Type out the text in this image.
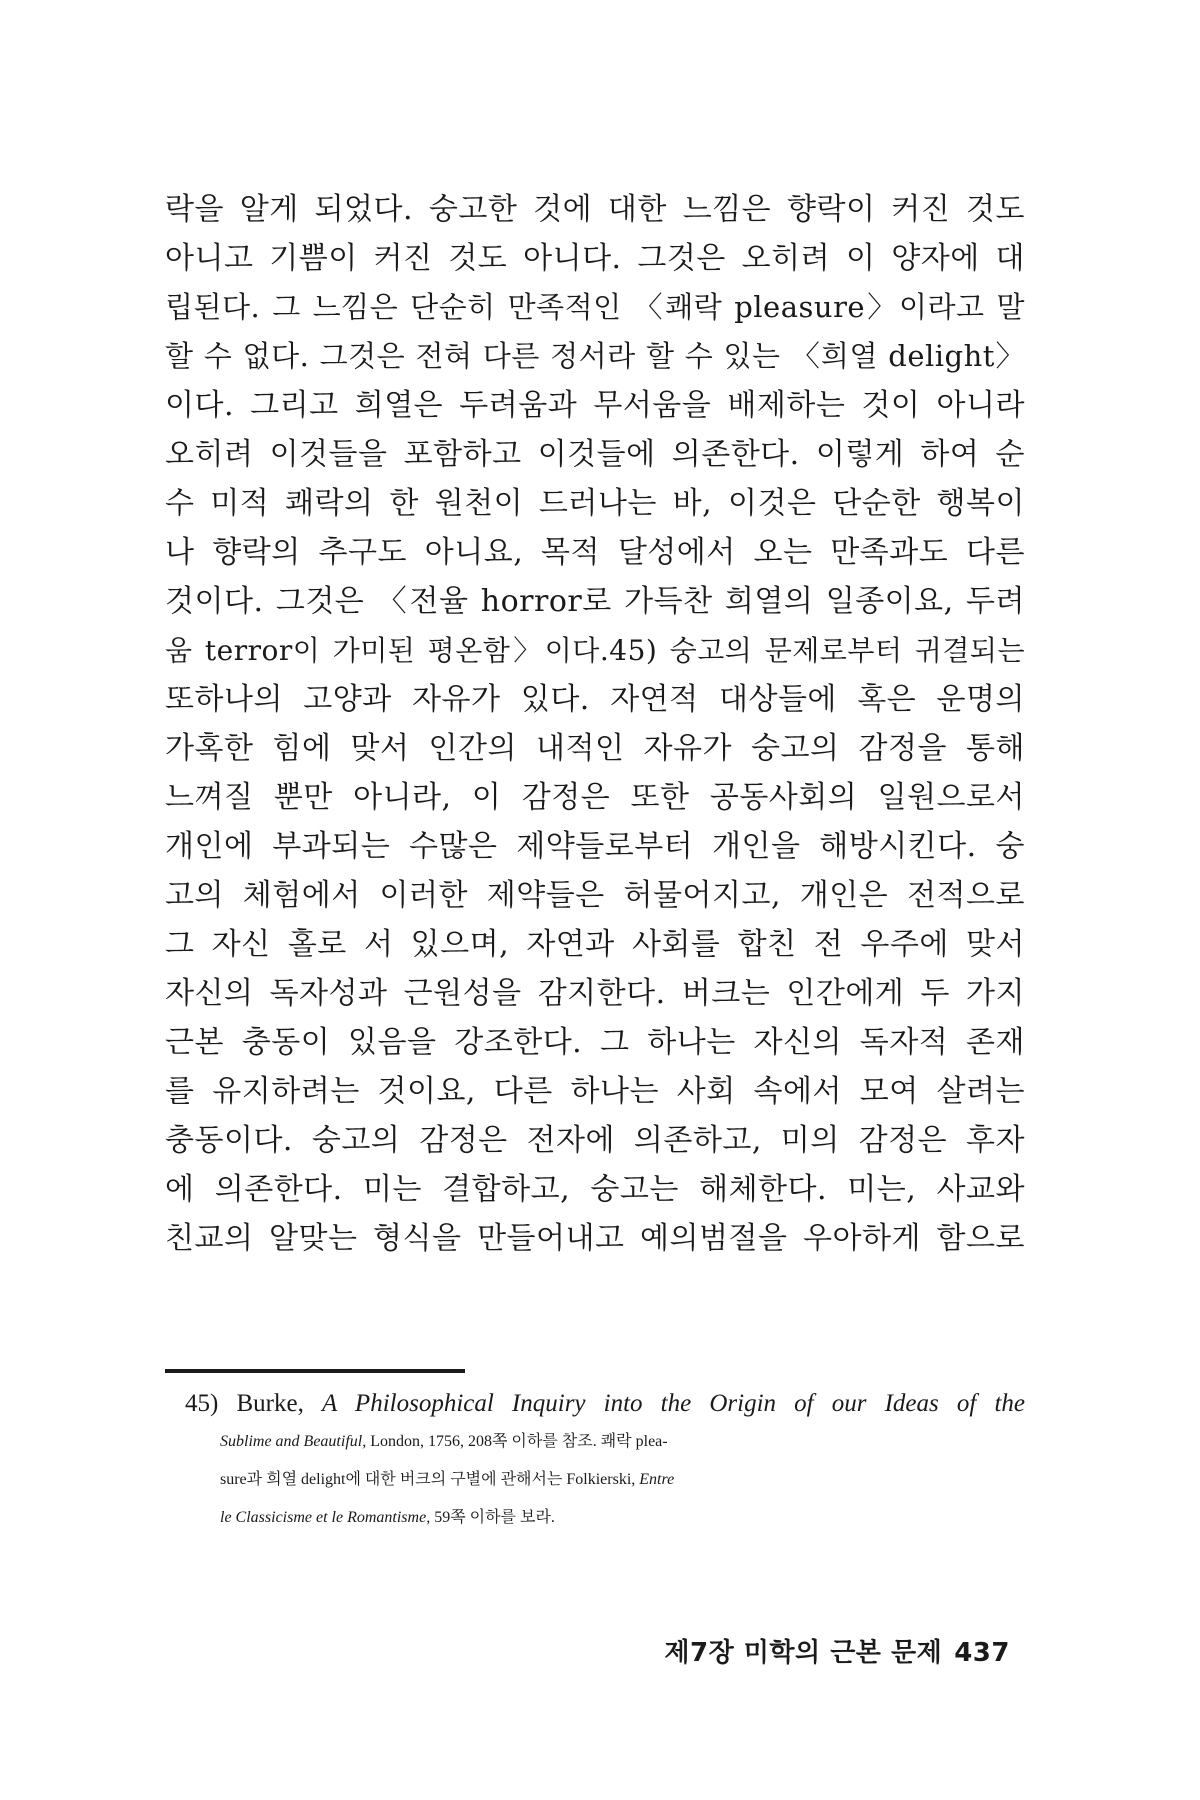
락을 알게 되었다. 숭고한 것에 대한 느낌은 향락이 커진 것도
아니고 기쁨이 커진 것도 아니다. 그것은 오히려 이 양자에 대
립된다. 그 느낌은 단순히 만족적인 〈쾌락 pleasure〉이라고 말
할 수 없다. 그것은 전혀 다른 정서라 할 수 있는 〈희열 delight〉
이다. 그리고 희열은 두려움과 무서움을 배제하는 것이 아니라
오히려 이것들을 포함하고 이것들에 의존한다. 이렇게 하여 순
수 미적 쾌락의 한 원천이 드러나는 바, 이것은 단순한 행복이
나 향락의 추구도 아니요, 목적 달성에서 오는 만족과도 다른
것이다. 그것은 〈전율 horror로 가득찬 희열의 일종이요, 두려
움 terror이 가미된 평온함〉이다.45) 숭고의 문제로부터 귀결되는
또하나의 고양과 자유가 있다. 자연적 대상들에 혹은 운명의
가혹한 힘에 맞서 인간의 내적인 자유가 숭고의 감정을 통해
느껴질 뿐만 아니라, 이 감정은 또한 공동사회의 일원으로서
개인에 부과되는 수많은 제약들로부터 개인을 해방시킨다. 숭
고의 체험에서 이러한 제약들은 허물어지고, 개인은 전적으로
그 자신 홀로 서 있으며, 자연과 사회를 합친 전 우주에 맞서
자신의 독자성과 근원성을 감지한다. 버크는 인간에게 두 가지
근본 충동이 있음을 강조한다. 그 하나는 자신의 독자적 존재
를 유지하려는 것이요, 다른 하나는 사회 속에서 모여 살려는
충동이다. 숭고의 감정은 전자에 의존하고, 미의 감정은 후자
에 의존한다. 미는 결합하고, 숭고는 해체한다. 미는, 사교와
친교의 알맞는 형식을 만들어내고 예의범절을 우아하게 함으로
45) Burke, A Philosophical Inquiry into the Origin of our Ideas of the
Sublime and Beautiful, London, 1756, 208쪽 이하를 참조. 쾌락 plea-
sure과 희열 delight에 대한 버크의 구별에 관해서는 Folkierski, Entre
le Classicisme et le Romantisme, 59쪽 이하를 보라.
제7장 미학의 근본 문제 437
